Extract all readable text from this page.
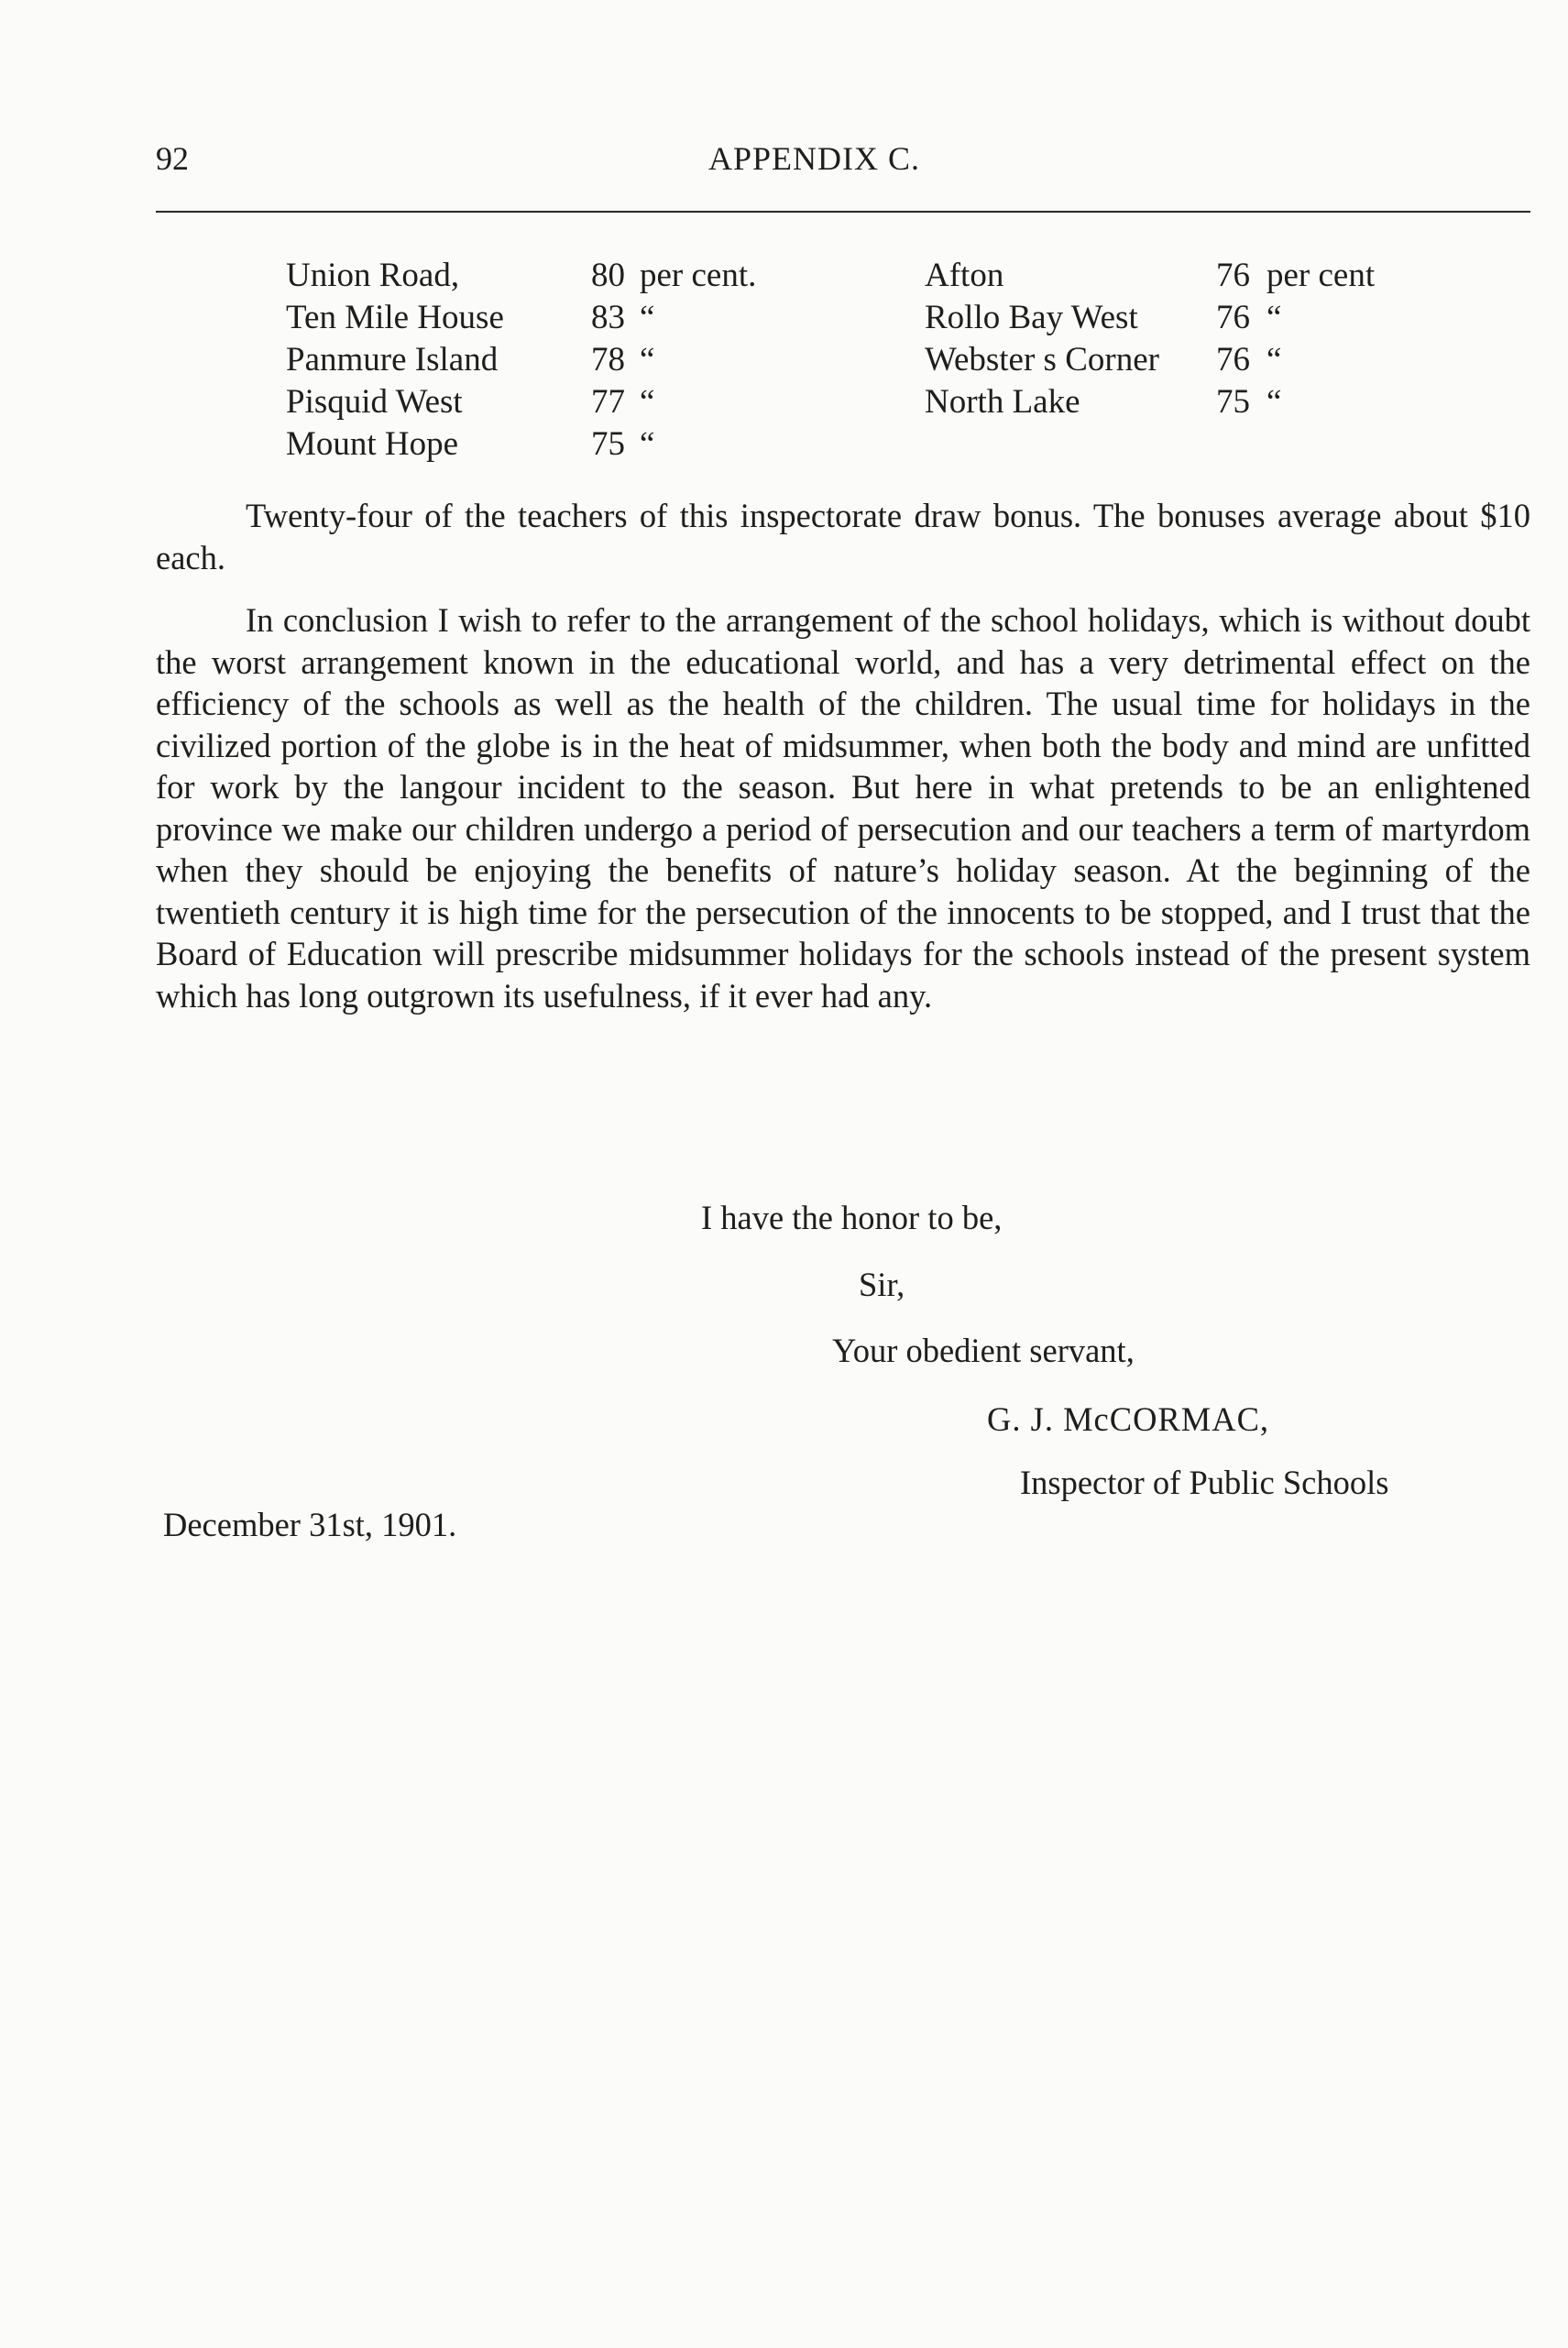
92	APPENDIX C.
Union Road,	80 per cent.	Afton	76 per cent
Ten Mile House	83 “	Rollo Bay West 76 “
Panmure Island	78 “	Webster s Corner 76 “
Pisquid West	77 “	North Lake	75 “
Mount Hope	75 “

Twenty-four of the teachers of this inspectorate draw bonus. The bonuses average about $10 each.

In conclusion I wish to refer to the arrangement of the school holidays, which is without doubt the worst arrangement known in the educational world, and has a very detrimental effect on the efficiency of the schools as well as the health of the children. The usual time for holidays in the civilized portion of the globe is in the heat of midsummer, when both the body and mind are unfitted for work by the langour incident to the season. But here in what pretends to be an enlightened province we make our children undergo a period of persecution and our teachers a term of martyrdom when they should be enjoying the benefits of nature’s holiday season. At the beginning of the twentieth century it is high time for the persecution of the innocents to be stopped, and I trust that the Board of Education will prescribe midsummer holidays for the schools instead of the present system which has long outgrown its usefulness, if it ever had any.

I have the honor to be,
Sir,
Your obedient servant,
G. J. McCORMAC,
Inspector of Public Schools
December 31st, 1901.
